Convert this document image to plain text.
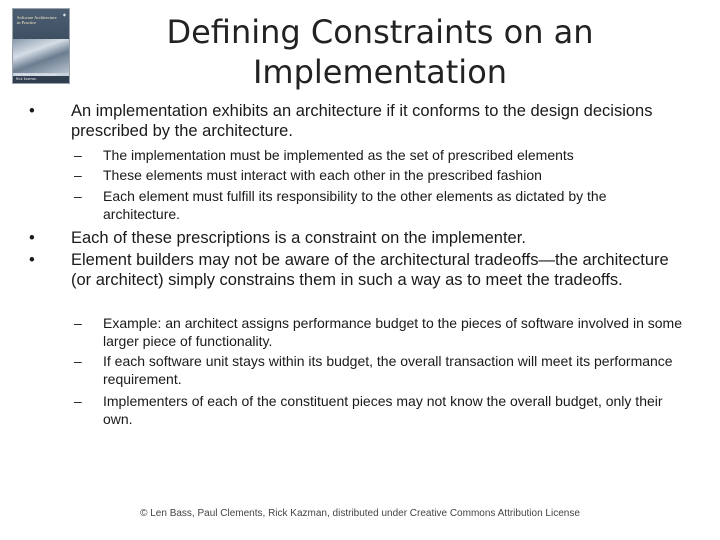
Software Architecture in Practice
◆
Len Bass • Paul Clements • Rick Kazman
Defining Constraints on an
Implementation
• An implementation exhibits an architecture if it conforms to the design decisions prescribed by the architecture.
– The implementation must be implemented as the set of prescribed elements
– These elements must interact with each other in the prescribed fashion
– Each element must fulfill its responsibility to the other elements as dictated by the architecture.
• Each of these prescriptions is a constraint on the implementer.
• Element builders may not be aware of the architectural tradeoffs—the architecture (or architect) simply constrains them in such a way as to meet the tradeoffs.
– Example: an architect assigns performance budget to the pieces of software involved in some larger piece of functionality.
– If each software unit stays within its budget, the overall transaction will meet its performance requirement.
– Implementers of each of the constituent pieces may not know the overall budget, only their own.
© Len Bass, Paul Clements, Rick Kazman, distributed under Creative Commons Attribution License
